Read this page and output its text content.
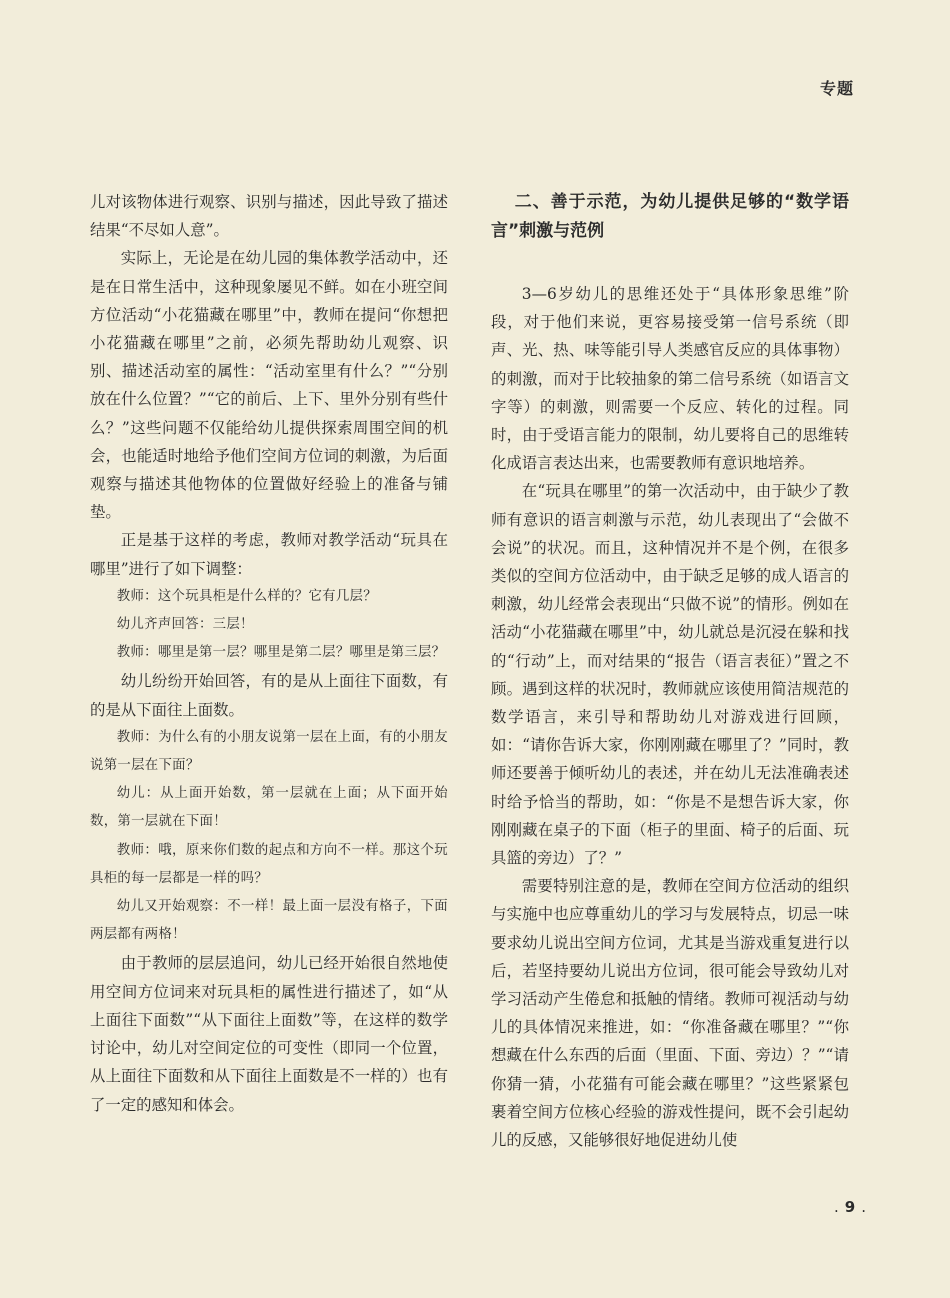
专题

儿对该物体进行观察、识别与描述，因此导致了描述结果“不尽如人意”。

实际上，无论是在幼儿园的集体教学活动中，还是在日常生活中，这种现象屡见不鲜。如在小班空间方位活动“小花猫藏在哪里”中，教师在提问“你想把小花猫藏在哪里”之前，必须先帮助幼儿观察、识别、描述活动室的属性：“活动室里有什么？”“分别放在什么位置？”“它的前后、上下、里外分别有些什么？”这些问题不仅能给幼儿提供探索周围空间的机会，也能适时地给予他们空间方位词的刺激，为后面观察与描述其他物体的位置做好经验上的准备与铺垫。

正是基于这样的考虑，教师对教学活动“玩具在哪里”进行了如下调整：

教师：这个玩具柜是什么样的？它有几层？

幼儿齐声回答：三层！

教师：哪里是第一层？哪里是第二层？哪里是第三层？

幼儿纷纷开始回答，有的是从上面往下面数，有的是从下面往上面数。

教师：为什么有的小朋友说第一层在上面，有的小朋友说第一层在下面？

幼儿：从上面开始数，第一层就在上面；从下面开始数，第一层就在下面！

教师：哦，原来你们数的起点和方向不一样。那这个玩具柜的每一层都是一样的吗？

幼儿又开始观察：不一样！最上面一层没有格子，下面两层都有两格！

由于教师的层层追问，幼儿已经开始很自然地使用空间方位词来对玩具柜的属性进行描述了，如“从上面往下面数”“从下面往上面数”等，在这样的数学讨论中，幼儿对空间定位的可变性（即同一个位置，从上面往下面数和从下面往上面数是不一样的）也有了一定的感知和体会。

二、善于示范，为幼儿提供足够的“数学语言”刺激与范例

3—6岁幼儿的思维还处于“具体形象思维”阶段，对于他们来说，更容易接受第一信号系统（即声、光、热、味等能引导人类感官反应的具体事物）的刺激，而对于比较抽象的第二信号系统（如语言文字等）的刺激，则需要一个反应、转化的过程。同时，由于受语言能力的限制，幼儿要将自己的思维转化成语言表达出来，也需要教师有意识地培养。

在“玩具在哪里”的第一次活动中，由于缺少了教师有意识的语言刺激与示范，幼儿表现出了“会做不会说”的状况。而且，这种情况并不是个例，在很多类似的空间方位活动中，由于缺乏足够的成人语言的刺激，幼儿经常会表现出“只做不说”的情形。例如在活动“小花猫藏在哪里”中，幼儿就总是沉浸在躲和找的“行动”上，而对结果的“报告（语言表征）”置之不顾。遇到这样的状况时，教师就应该使用简洁规范的数学语言，来引导和帮助幼儿对游戏进行回顾，如：“请你告诉大家，你刚刚藏在哪里了？”同时，教师还要善于倾听幼儿的表述，并在幼儿无法准确表述时给予恰当的帮助，如：“你是不是想告诉大家，你刚刚藏在桌子的下面（柜子的里面、椅子的后面、玩具篮的旁边）了？”

需要特别注意的是，教师在空间方位活动的组织与实施中也应尊重幼儿的学习与发展特点，切忌一味要求幼儿说出空间方位词，尤其是当游戏重复进行以后，若坚持要幼儿说出方位词，很可能会导致幼儿对学习活动产生倦怠和抵触的情绪。教师可视活动与幼儿的具体情况来推进，如：“你准备藏在哪里？”“你想藏在什么东西的后面（里面、下面、旁边）？”“请你猜一猜，小花猫有可能会藏在哪里？”这些紧紧包裹着空间方位核心经验的游戏性提问，既不会引起幼儿的反感，又能够很好地促进幼儿使

. 9 .
